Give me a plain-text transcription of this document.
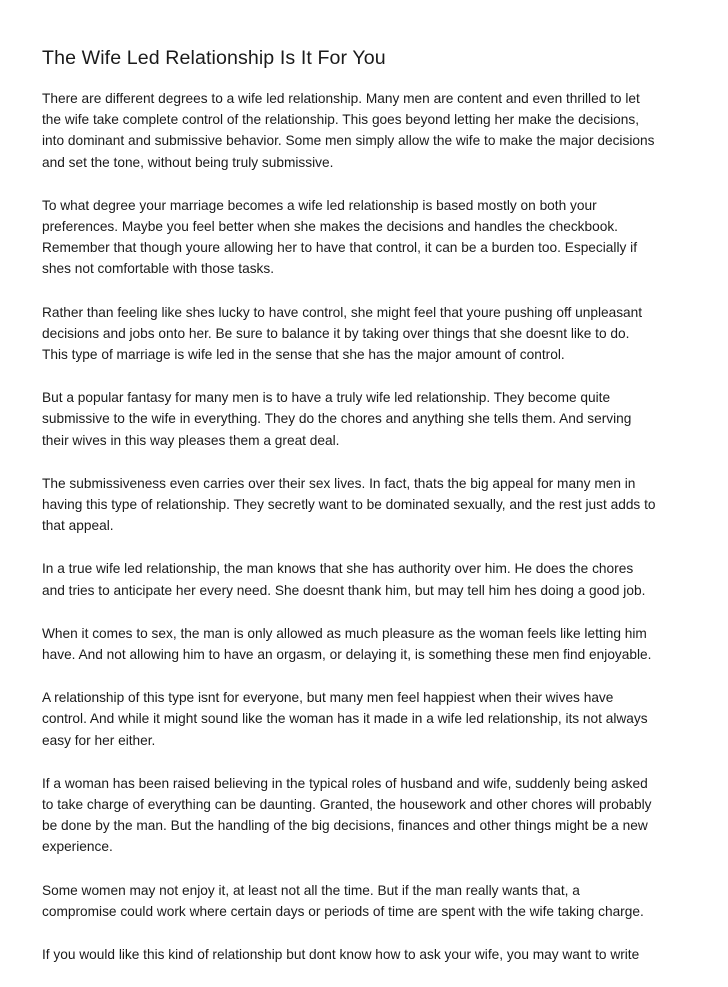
The Wife Led Relationship Is It For You

There are different degrees to a wife led relationship. Many men are content and even thrilled to let
the wife take complete control of the relationship. This goes beyond letting her make the decisions,
into dominant and submissive behavior. Some men simply allow the wife to make the major decisions
and set the tone, without being truly submissive.

To what degree your marriage becomes a wife led relationship is based mostly on both your
preferences. Maybe you feel better when she makes the decisions and handles the checkbook.
Remember that though youre allowing her to have that control, it can be a burden too. Especially if
shes not comfortable with those tasks.

Rather than feeling like shes lucky to have control, she might feel that youre pushing off unpleasant
decisions and jobs onto her. Be sure to balance it by taking over things that she doesnt like to do.
This type of marriage is wife led in the sense that she has the major amount of control.

But a popular fantasy for many men is to have a truly wife led relationship. They become quite
submissive to the wife in everything. They do the chores and anything she tells them. And serving
their wives in this way pleases them a great deal.

The submissiveness even carries over their sex lives. In fact, thats the big appeal for many men in
having this type of relationship. They secretly want to be dominated sexually, and the rest just adds to
that appeal.

In a true wife led relationship, the man knows that she has authority over him. He does the chores
and tries to anticipate her every need. She doesnt thank him, but may tell him hes doing a good job.

When it comes to sex, the man is only allowed as much pleasure as the woman feels like letting him
have. And not allowing him to have an orgasm, or delaying it, is something these men find enjoyable.

A relationship of this type isnt for everyone, but many men feel happiest when their wives have
control. And while it might sound like the woman has it made in a wife led relationship, its not always
easy for her either.

If a woman has been raised believing in the typical roles of husband and wife, suddenly being asked
to take charge of everything can be daunting. Granted, the housework and other chores will probably
be done by the man. But the handling of the big decisions, finances and other things might be a new
experience.

Some women may not enjoy it, at least not all the time. But if the man really wants that, a
compromise could work where certain days or periods of time are spent with the wife taking charge.

If you would like this kind of relationship but dont know how to ask your wife, you may want to write
